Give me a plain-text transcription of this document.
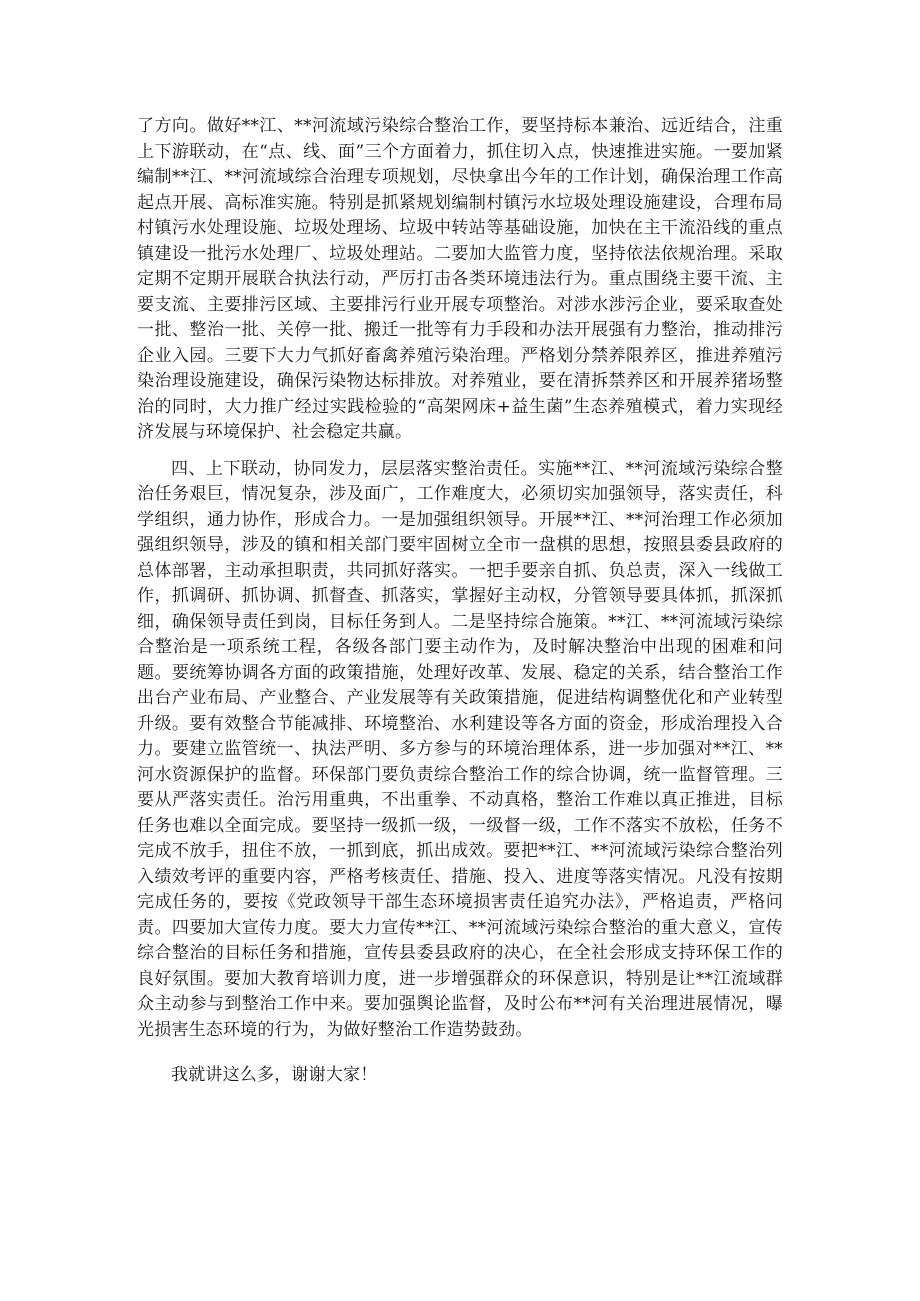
了方向。做好**江、**河流域污染综合整治工作，要坚持标本兼治、远近结合，注重上下游联动，在“点、线、面”三个方面着力，抓住切入点，快速推进实施。一要加紧编制**江、**河流域综合治理专项规划，尽快拿出今年的工作计划，确保治理工作高起点开展、高标准实施。特别是抓紧规划编制村镇污水垃圾处理设施建设，合理布局村镇污水处理设施、垃圾处理场、垃圾中转站等基础设施，加快在主干流沿线的重点镇建设一批污水处理厂、垃圾处理站。二要加大监管力度，坚持依法依规治理。采取定期不定期开展联合执法行动，严厉打击各类环境违法行为。重点围绕主要干流、主要支流、主要排污区域、主要排污行业开展专项整治。对涉水涉污企业，要采取查处一批、整治一批、关停一批、搬迁一批等有力手段和办法开展强有力整治，推动排污企业入园。三要下大力气抓好畜禽养殖污染治理。严格划分禁养限养区，推进养殖污染治理设施建设，确保污染物达标排放。对养殖业，要在清拆禁养区和开展养猪场整治的同时，大力推广经过实践检验的“高架网床+益生菌”生态养殖模式，着力实现经济发展与环境保护、社会稳定共赢。

四、上下联动，协同发力，层层落实整治责任。实施**江、**河流域污染综合整治任务艰巨，情况复杂，涉及面广，工作难度大，必须切实加强领导，落实责任，科学组织，通力协作，形成合力。一是加强组织领导。开展**江、**河治理工作必须加强组织领导，涉及的镇和相关部门要牢固树立全市一盘棋的思想，按照县委县政府的总体部署，主动承担职责，共同抓好落实。一把手要亲自抓、负总责，深入一线做工作，抓调研、抓协调、抓督查、抓落实，掌握好主动权，分管领导要具体抓，抓深抓细，确保领导责任到岗，目标任务到人。二是坚持综合施策。**江、**河流域污染综合整治是一项系统工程，各级各部门要主动作为，及时解决整治中出现的困难和问题。要统筹协调各方面的政策措施，处理好改革、发展、稳定的关系，结合整治工作出台产业布局、产业整合、产业发展等有关政策措施，促进结构调整优化和产业转型升级。要有效整合节能减排、环境整治、水利建设等各方面的资金，形成治理投入合力。要建立监管统一、执法严明、多方参与的环境治理体系，进一步加强对**江、**河水资源保护的监督。环保部门要负责综合整治工作的综合协调，统一监督管理。三要从严落实责任。治污用重典，不出重拳、不动真格，整治工作难以真正推进，目标任务也难以全面完成。要坚持一级抓一级，一级督一级，工作不落实不放松，任务不完成不放手，扭住不放，一抓到底，抓出成效。要把**江、**河流域污染综合整治列入绩效考评的重要内容，严格考核责任、措施、投入、进度等落实情况。凡没有按期完成任务的，要按《党政领导干部生态环境损害责任追究办法》，严格追责，严格问责。四要加大宣传力度。要大力宣传**江、**河流域污染综合整治的重大意义，宣传综合整治的目标任务和措施，宣传县委县政府的决心，在全社会形成支持环保工作的良好氛围。要加大教育培训力度，进一步增强群众的环保意识，特别是让**江流域群众主动参与到整治工作中来。要加强舆论监督，及时公布**河有关治理进展情况，曝光损害生态环境的行为，为做好整治工作造势鼓劲。

我就讲这么多，谢谢大家！
